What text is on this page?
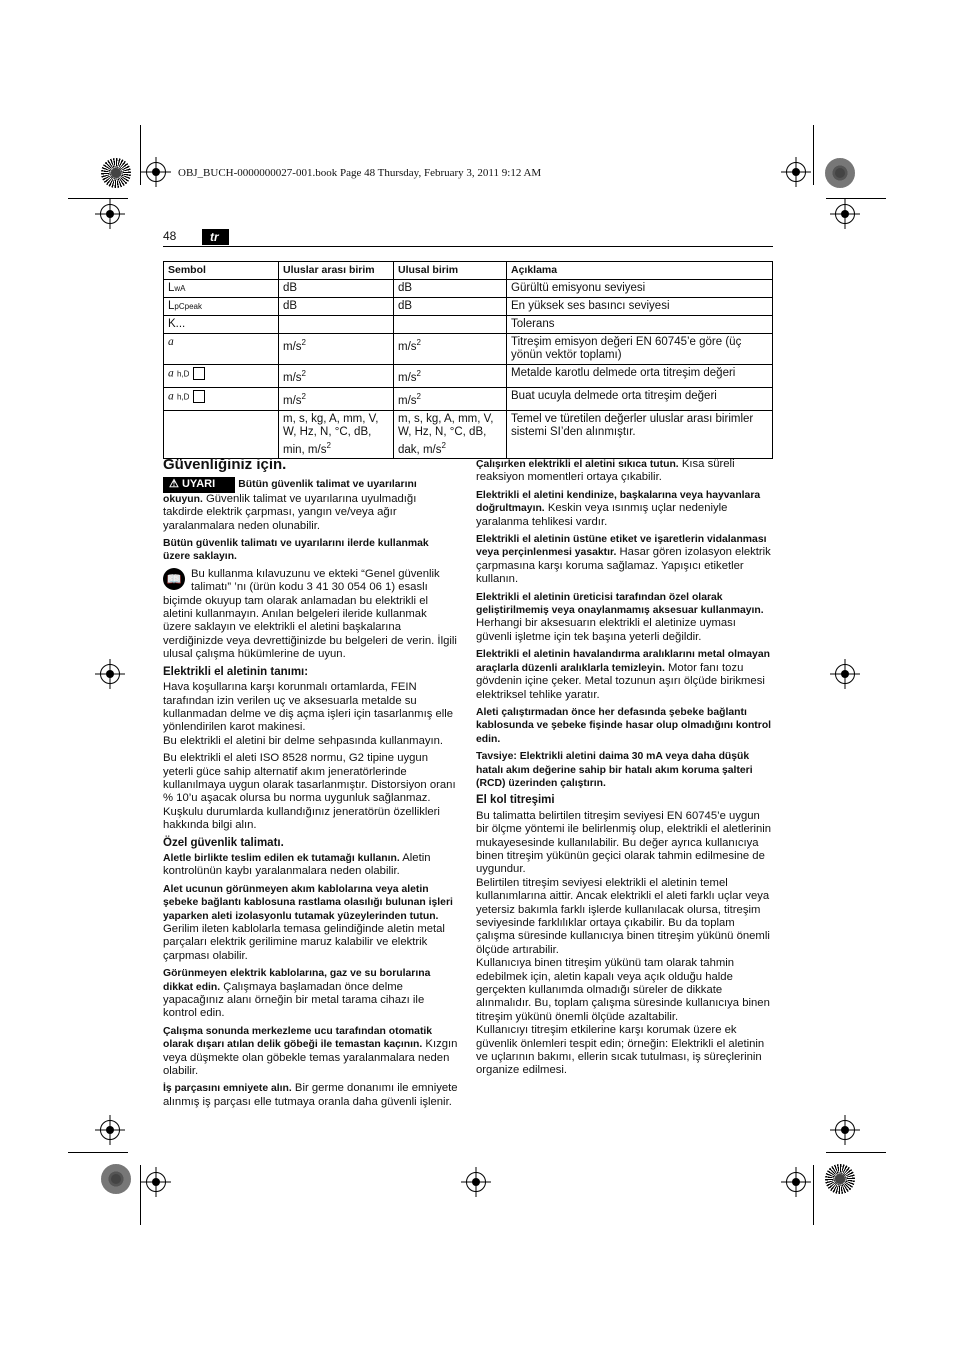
OBJ_BUCH-0000000027-001.book Page 48 Thursday, February 3, 2011 9:12 AM
48	tr
Sembol	Uluslar arası birim	Ulusal birim	Açıklama
LwA	dB	dB	Gürültü emisyonu seviyesi
LpCpeak	dB	dB	En yüksek ses basıncı seviyesi
K...			Tolerans
a	$m/s^2$	$m/s^2$	Titreşim emisyon değeri EN 60745’e göre (üç yönün vektör toplamı)
a h,D	$m/s^2$	$m/s^2$	Metalde karotlu delmede orta titreşim değeri
a h,D	$m/s^2$	$m/s^2$	Buat ucuyla delmede orta titreşim değeri
	m, s, kg, A, mm, V, W, Hz, N, °C, dB, min, $m/s^2$	m, s, kg, A, mm, V, W, Hz, N, °C, dB, dak, $m/s^2$	Temel ve türetilen değerler uluslar arası birimler sistemi SI’den alınmıştır.
Güvenliğiniz için.

⚠ UYARI Bütün güvenlik talimat ve uyarılarını okuyun. Güvenlik talimat ve uyarılarına uyulmadığı takdirde elektrik çarpması, yangın ve/veya ağır yaralanmalara neden olunabilir.

Bütün güvenlik talimatı ve uyarılarını ilerde kullanmak üzere saklayın.

📖 Bu kullanma kılavuzunu ve ekteki “Genel güvenlik talimatı” ’nı (ürün kodu 3 41 30 054 06 1) esaslı biçimde okuyup tam olarak anlamadan bu elektrikli el aletini kullanmayın. Anılan belgeleri ileride kullanmak üzere saklayın ve elektrikli el aletini başkalarına verdiğinizde veya devrettiğinizde bu belgeleri de verin. İlgili ulusal çalışma hükümlerine de uyun.

Elektrikli el aletinin tanımı:

Hava koşullarına karşı korunmalı ortamlarda, FEIN tarafından izin verilen uç ve aksesuarla metalde su kullanmadan delme ve diş açma işleri için tasarlanmış elle yönlendirilen karot makinesi.

Bu elektrikli el aletini bir delme sehpasında kullanmayın.

Bu elektrikli el aleti ISO 8528 normu, G2 tipine uygun yeterli güce sahip alternatif akım jeneratörlerinde kullanılmaya uygun olarak tasarlanmıştır. Distorsiyon oranı % 10’u aşacak olursa bu norma uygunluk sağlanmaz. Kuşkulu durumlarda kullandığınız jeneratörün özellikleri hakkında bilgi alın.

Özel güvenlik talimatı.

Aletle birlikte teslim edilen ek tutamağı kullanın. Aletin kontrolünün kaybı yaralanmalara neden olabilir.

Alet ucunun görünmeyen akım kablolarına veya aletin şebeke bağlantı kablosuna rastlama olasılığı bulunan işleri yaparken aleti izolasyonlu tutamak yüzeylerinden tutun. Gerilim ileten kablolarla temasa gelindiğinde aletin metal parçaları elektrik gerilimine maruz kalabilir ve elektrik çarpması olabilir.

Görünmeyen elektrik kablolarına, gaz ve su borularına dikkat edin. Çalışmaya başlamadan önce delme yapacağınız alanı örneğin bir metal tarama cihazı ile kontrol edin.

Çalışma sonunda merkezleme ucu tarafından otomatik olarak dışarı atılan delik göbeği ile temastan kaçının. Kızgın veya düşmekte olan göbekle temas yaralanmalara neden olabilir.

İş parçasını emniyete alın. Bir germe donanımı ile emniyete alınmış iş parçası elle tutmaya oranla daha güvenli işlenir.

Çalışırken elektrikli el aletini sıkıca tutun. Kısa süreli reaksiyon momentleri ortaya çıkabilir.

Elektrikli el aletini kendinize, başkalarına veya hayvanlara doğrultmayın. Keskin veya ısınmış uçlar nedeniyle yaralanma tehlikesi vardır.

Elektrikli el aletinin üstüne etiket ve işaretlerin vidalanması veya perçinlenmesi yasaktır. Hasar gören izolasyon elektrik çarpmasına karşı koruma sağlamaz. Yapışıcı etiketler kullanın.

Elektrikli el aletinin üreticisi tarafından özel olarak geliştirilmemiş veya onaylanmamış aksesuar kullanmayın. Herhangi bir aksesuarın elektrikli el aletinize uyması güvenli işletme için tek başına yeterli değildir.

Elektrikli el aletinin havalandırma aralıklarını metal olmayan araçlarla düzenli aralıklarla temizleyin. Motor fanı tozu gövdenin içine çeker. Metal tozunun aşırı ölçüde birikmesi elektriksel tehlike yaratır.

Aleti çalıştırmadan önce her defasında şebeke bağlantı kablosunda ve şebeke fişinde hasar olup olmadığını kontrol edin.

Tavsiye: Elektrikli aletini daima 30 mA veya daha düşük hatalı akım değerine sahip bir hatalı akım koruma şalteri (RCD) üzerinden çalıştırın.

El kol titreşimi

Bu talimatta belirtilen titreşim seviyesi EN 60745’e uygun bir ölçme yöntemi ile belirlenmiş olup, elektrikli el aletlerinin mukayesesinde kullanılabilir. Bu değer ayrıca kullanıcıya binen titreşim yükünün geçici olarak tahmin edilmesine de uygundur.

Belirtilen titreşim seviyesi elektrikli el aletinin temel kullanımlarına aittir. Ancak elektrikli el aleti farklı uçlar veya yetersiz bakımla farklı işlerde kullanılacak olursa, titreşim seviyesinde farklılıklar ortaya çıkabilir. Bu da toplam çalışma süresinde kullanıcıya binen titreşim yükünü önemli ölçüde artırabilir.

Kullanıcıya binen titreşim yükünü tam olarak tahmin edebilmek için, aletin kapalı veya açık olduğu halde gerçekten kullanımda olmadığı süreler de dikkate alınmalıdır. Bu, toplam çalışma süresinde kullanıcıya binen titreşim yükünü önemli ölçüde azaltabilir.

Kullanıcıyı titreşim etkilerine karşı korumak üzere ek güvenlik önlemleri tespit edin; örneğin: Elektrikli el aletinin ve uçlarının bakımı, ellerin sıcak tutulması, iş süreçlerinin organize edilmesi.
